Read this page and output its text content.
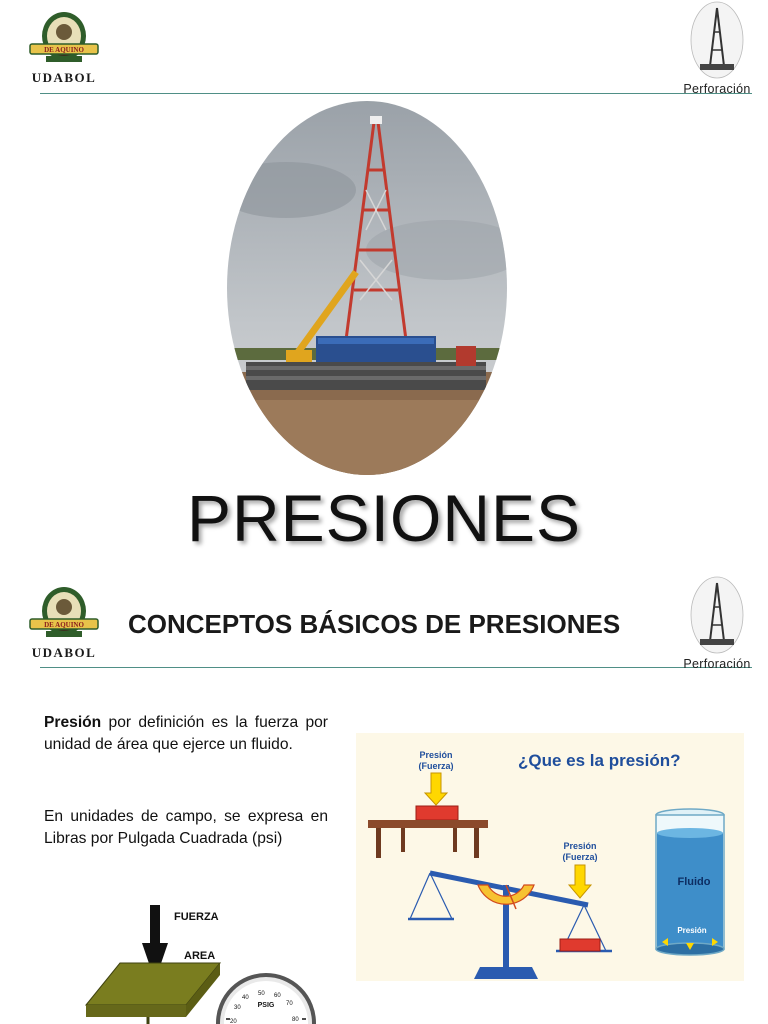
DE AQUINO
UDABOL
Perforación
PRESIONES
DE AQUINO
UDABOL
CONCEPTOS BÁSICOS DE PRESIONES
Perforación

Presión por definición es la fuerza por unidad de área que ejerce un fluido.

En unidades de campo, se expresa en Libras por Pulgada Cuadrada (psi)

¿Que es la presión?
Presión
(Fuerza)
Presión
(Fuerza)
Fluido
Presión
FUERZA
AREA
PSIG
20
30
40
50 60
70
80
